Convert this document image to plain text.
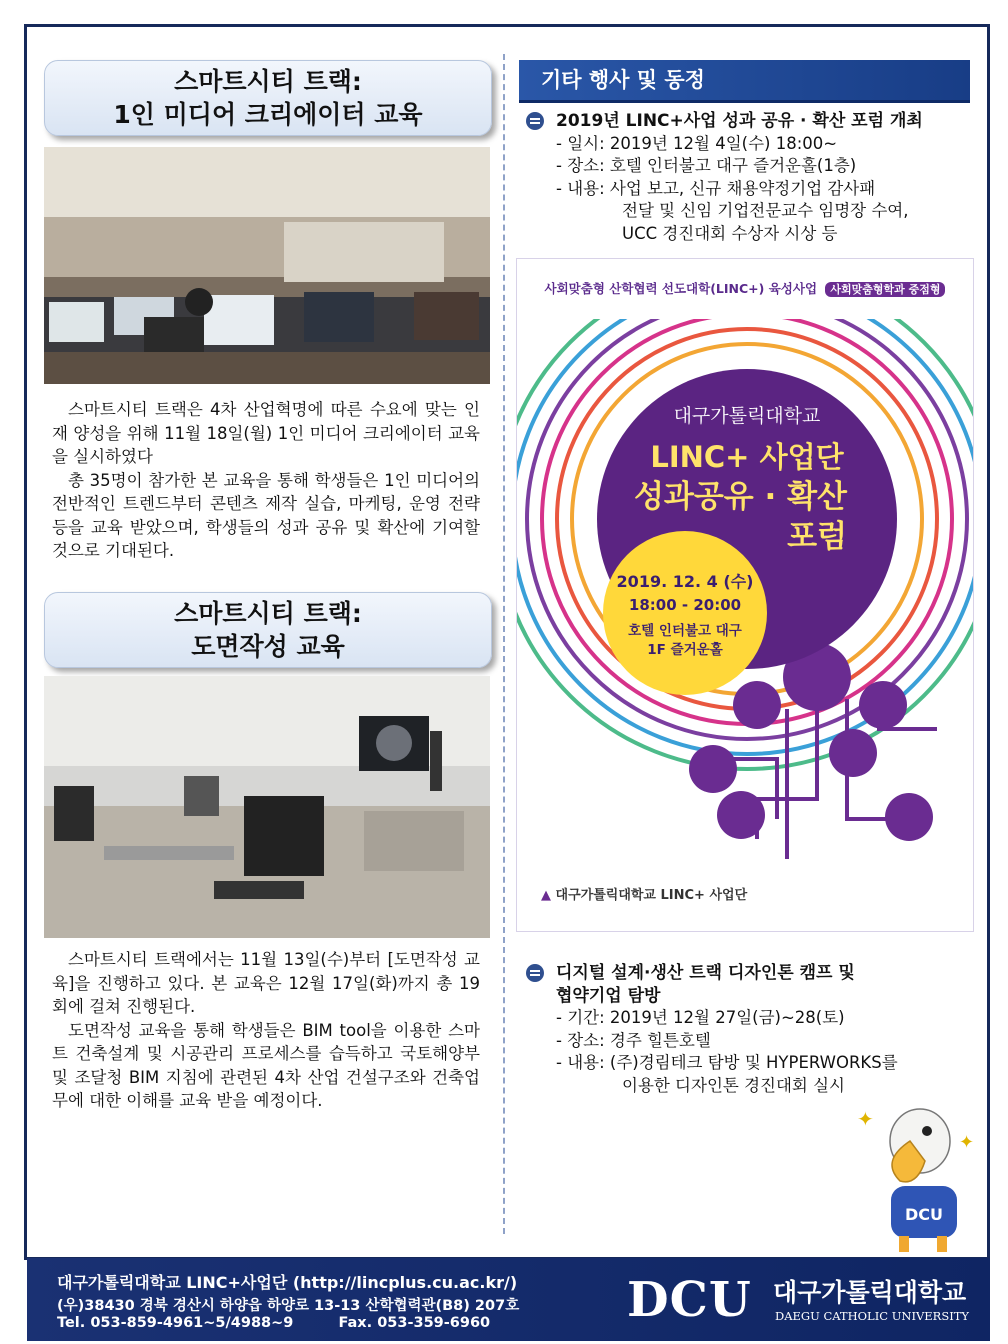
스마트시티 트랙:
1인 미디어 크리에이터 교육

스마트시티 트랙은 4차 산업혁명에 따른 수요에 맞는 인재 양성을 위해 11월 18일(월) 1인 미디어 크리에이터 교육을 실시하였다

총 35명이 참가한 본 교육을 통해 학생들은 1인 미디어의 전반적인 트렌드부터 콘텐츠 제작 실습, 마케팅, 운영 전략 등을 교육 받았으며, 학생들의 성과 공유 및 확산에 기여할 것으로 기대된다.

스마트시티 트랙:
도면작성 교육

스마트시티 트랙에서는 11월 13일(수)부터 [도면작성 교육]을 진행하고 있다. 본 교육은 12월 17일(화)까지 총 19회에 걸쳐 진행된다.

도면작성 교육을 통해 학생들은 BIM tool을 이용한 스마트 건축설계 및 시공관리 프로세스를 습득하고 국토해양부 및 조달청 BIM 지침에 관련된 4차 산업 건설구조와 건축업무에 대한 이해를 교육 받을 예정이다.

기타 행사 및 동정
2019년 LINC+사업 성과 공유 · 확산 포럼 개최
- 일시: 2019년 12월 4일(수) 18:00~
- 장소: 호텔 인터불고 대구 즐거운홀(1층)
- 내용: 사업 보고, 신규 채용약정기업 감사패
전달 및 신임 기업전문교수 임명장 수여,
UCC 경진대회 수상자 시상 등
사회맞춤형 산학협력 선도대학(LINC+) 육성사업 사회맞춤형학과 중점형
대구가톨릭대학교
LINC+ 사업단
성과공유 · 확산
포럼
2019. 12. 4 (수)
18:00 - 20:00
호텔 인터불고 대구
1F 즐거운홀
▲ 대구가톨릭대학교 LINC+ 사업단
디지털 설계·생산 트랙 디자인톤 캠프 및
협약기업 탐방
- 기간: 2019년 12월 27일(금)~28(토)
- 장소: 경주 힐튼호텔
- 내용: (주)경림테크 탐방 및 HYPERWORKS를
이용한 디자인톤 경진대회 실시
✦
✦
DCU
대구가톨릭대학교 LINC+사업단 (http://lincplus.cu.ac.kr/)
(우)38430 경북 경산시 하양읍 하양로 13-13 산학협력관(B8) 207호
Tel. 053-859-4961~5/4988~9	Fax. 053-359-6960	DCU 대구가톨릭대학교
DAEGU CATHOLIC UNIVERSITY
